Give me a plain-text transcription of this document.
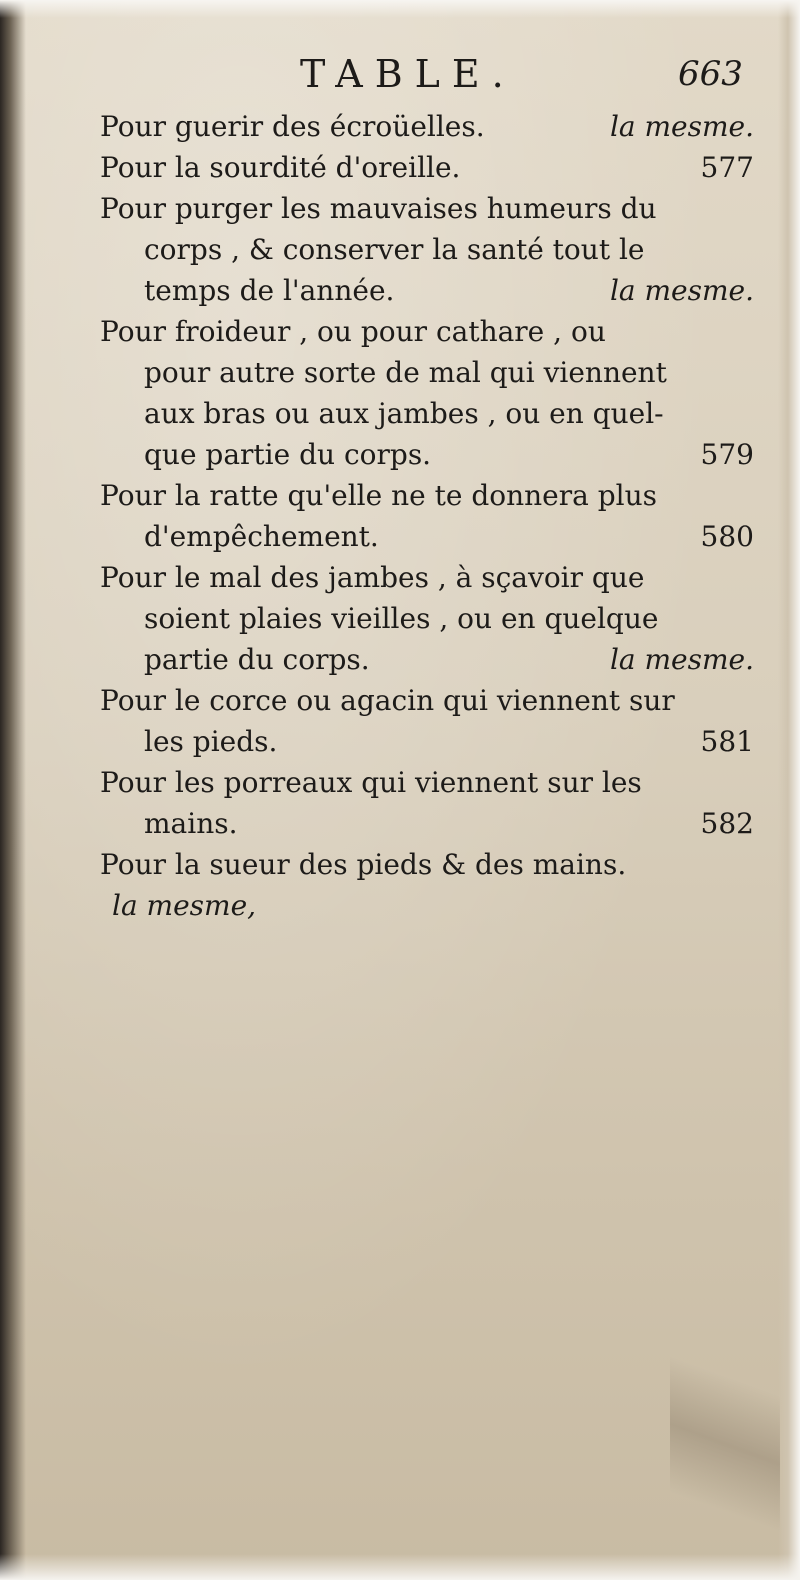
TABLE.	663
Pour guerir des écroüelles.	la mesme.
Pour la sourdité d'oreille.	577
Pour purger les mauvaises humeurs du
corps , & conserver la santé tout le
temps de l'année.	la mesme.
Pour froideur , ou pour cathare , ou
pour autre sorte de mal qui viennent
aux bras ou aux jambes , ou en quel-
que partie du corps.	579
Pour la ratte qu'elle ne te donnera plus
d'empêchement.	580
Pour le mal des jambes , à sçavoir que
soient plaies vieilles , ou en quelque
partie du corps.	la mesme.
Pour le corce ou agacin qui viennent sur
les pieds.	581
Pour les porreaux qui viennent sur les
mains.	582
Pour la sueur des pieds & des mains.
la mesme,
